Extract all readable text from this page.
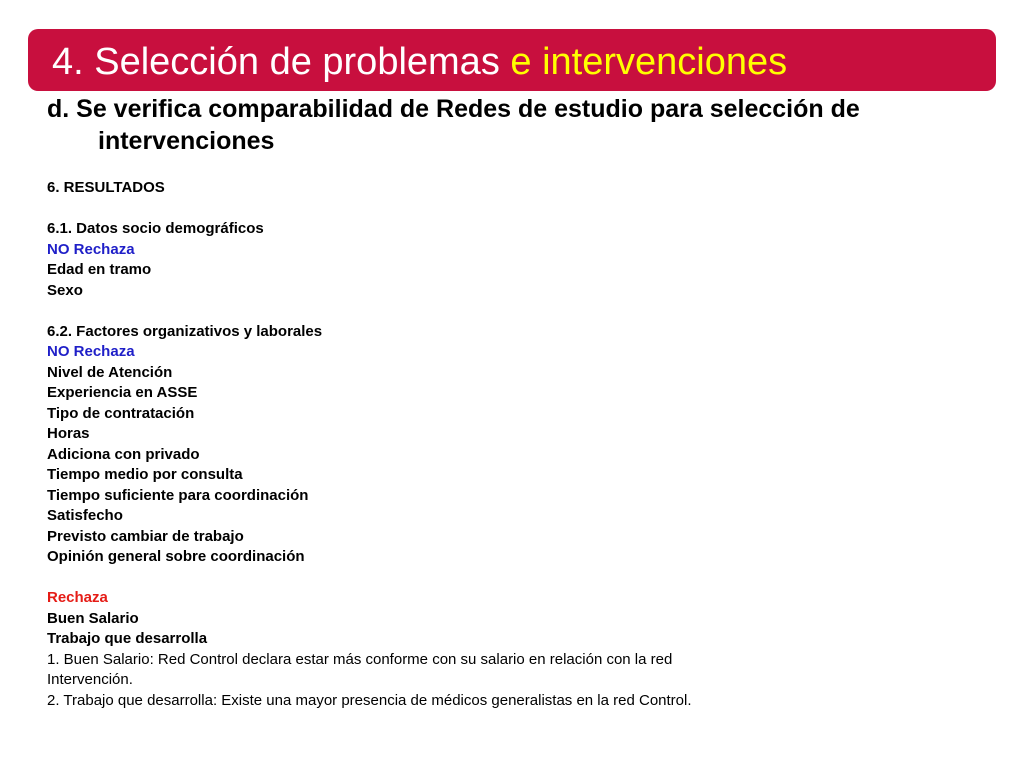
4. Selección de problemas e intervenciones
d. Se verifica comparabilidad de Redes de estudio para selección de intervenciones
6. RESULTADOS
6.1. Datos socio demográficos
NO Rechaza
Edad en tramo
Sexo
6.2. Factores organizativos y laborales
NO Rechaza
Nivel de Atención
Experiencia en ASSE
Tipo de contratación
Horas
Adiciona con privado
Tiempo medio por consulta
Tiempo suficiente para coordinación
Satisfecho
Previsto cambiar de trabajo
Opinión general sobre coordinación
Rechaza
Buen Salario
Trabajo que desarrolla
1. Buen Salario: Red Control declara estar más conforme con su salario en relación con la red Intervención.
2. Trabajo que desarrolla: Existe una mayor presencia de médicos generalistas en la red Control.
